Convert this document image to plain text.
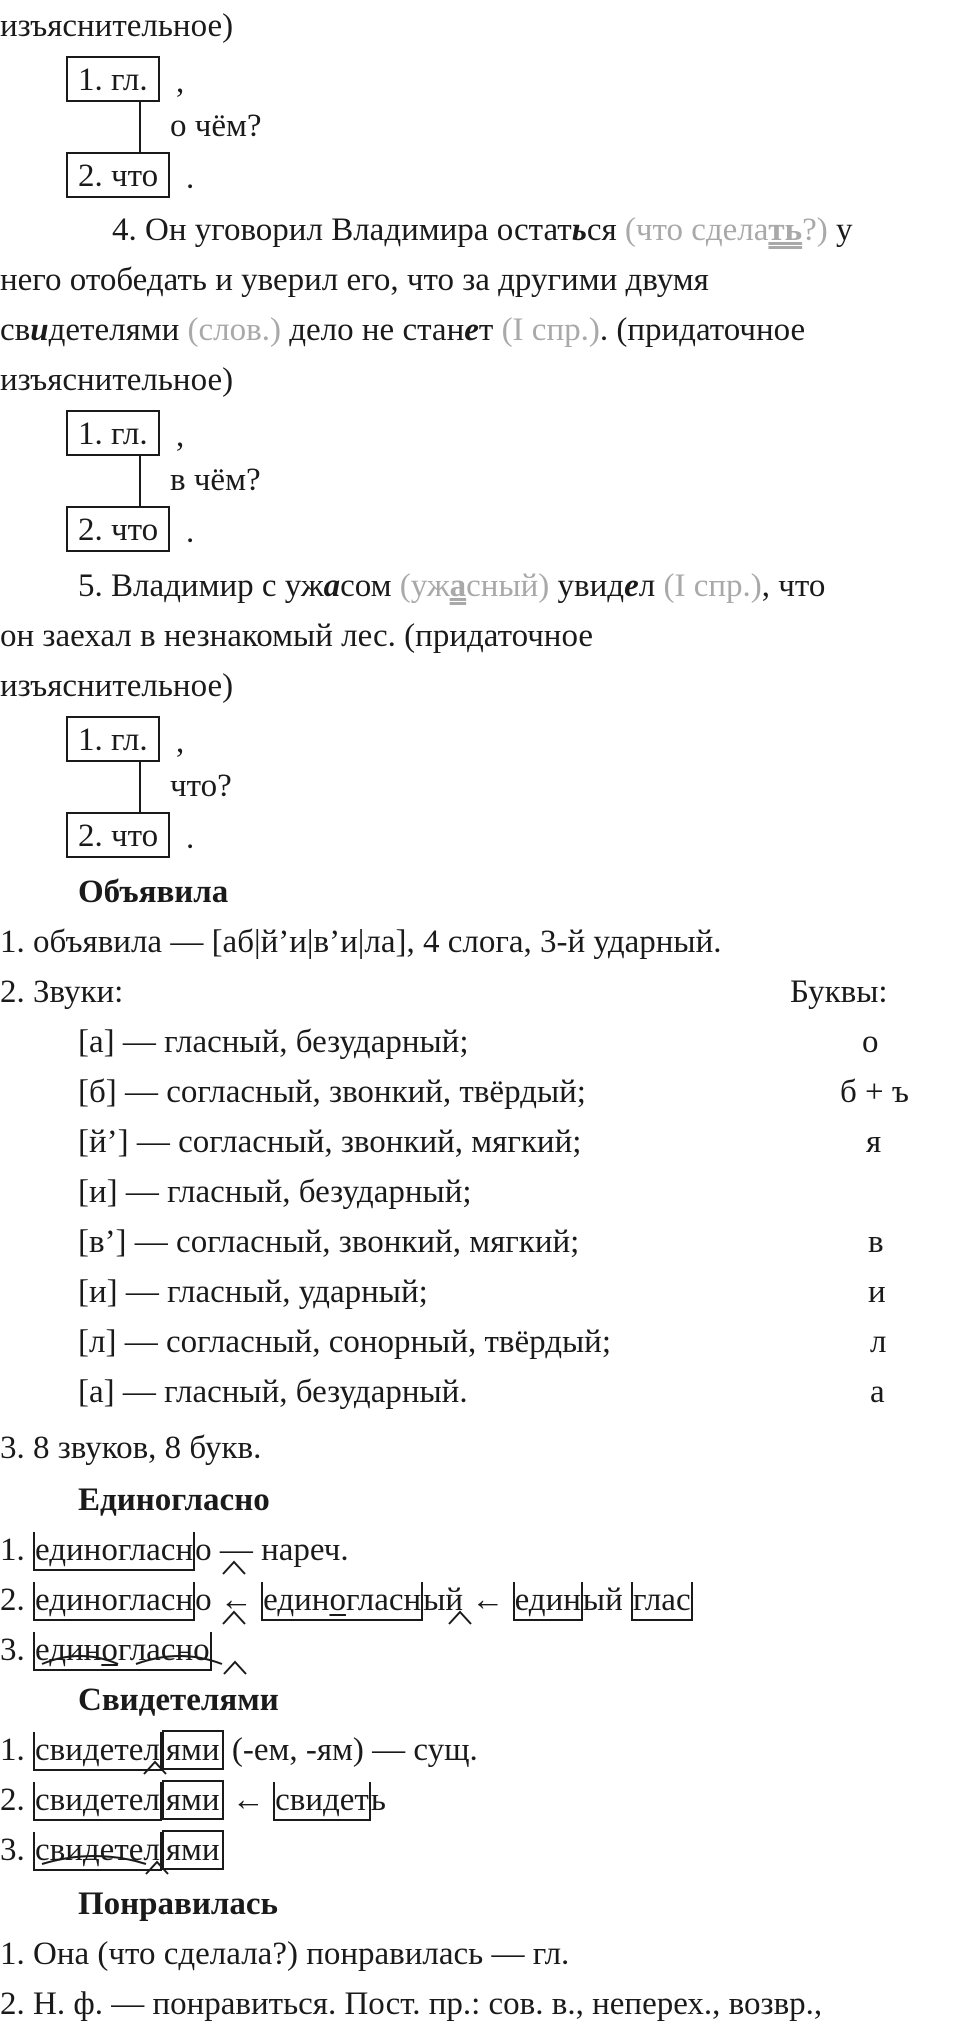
изъяснительное)
1. гл. ,
о чём?
2. что .
4. Он уговорил Владимира остаться (что сделать?) у
него отобедать и уверил его, что за другими двумя
свидетелями (слов.) дело не станет (I спр.). (придаточное
изъяснительное)
1. гл. ,
в чём?
2. что .
5. Владимир с ужасом (ужасный) увидел (I спр.), что
он заехал в незнакомый лес. (придаточное
изъяснительное)
1. гл. ,
что?
2. что .
Объявила
1. объявила — [аб|й’и|в’и|ла], 4 слога, 3-й ударный.
2. Звуки:	Буквы:
[а] — гласный, безударный;	о
[б] — согласный, звонкий, твёрдый;	б + ъ
[й’] — согласный, звонкий, мягкий;	я
[и] — гласный, безударный;
[в’] — согласный, звонкий, мягкий;	в
[и] — гласный, ударный;	и
[л] — согласный, сонорный, твёрдый;	л
[а] — гласный, безударный.	а
3. 8 звуков, 8 букв.
Единогласно
1. единогласно — нареч.
2. единогласно ← единогласный ← единый глас
3. единогласно
Свидетелями
1. свидетел ями (-ем, -ям) — сущ.
2. свидетел ями ← свидеть
3. свидетел ями
Понравилась
1. Она (что сделала?) понравилась — гл.
2. Н. ф. — понравиться. Пост. пр.: сов. в., неперех., возвр.,
